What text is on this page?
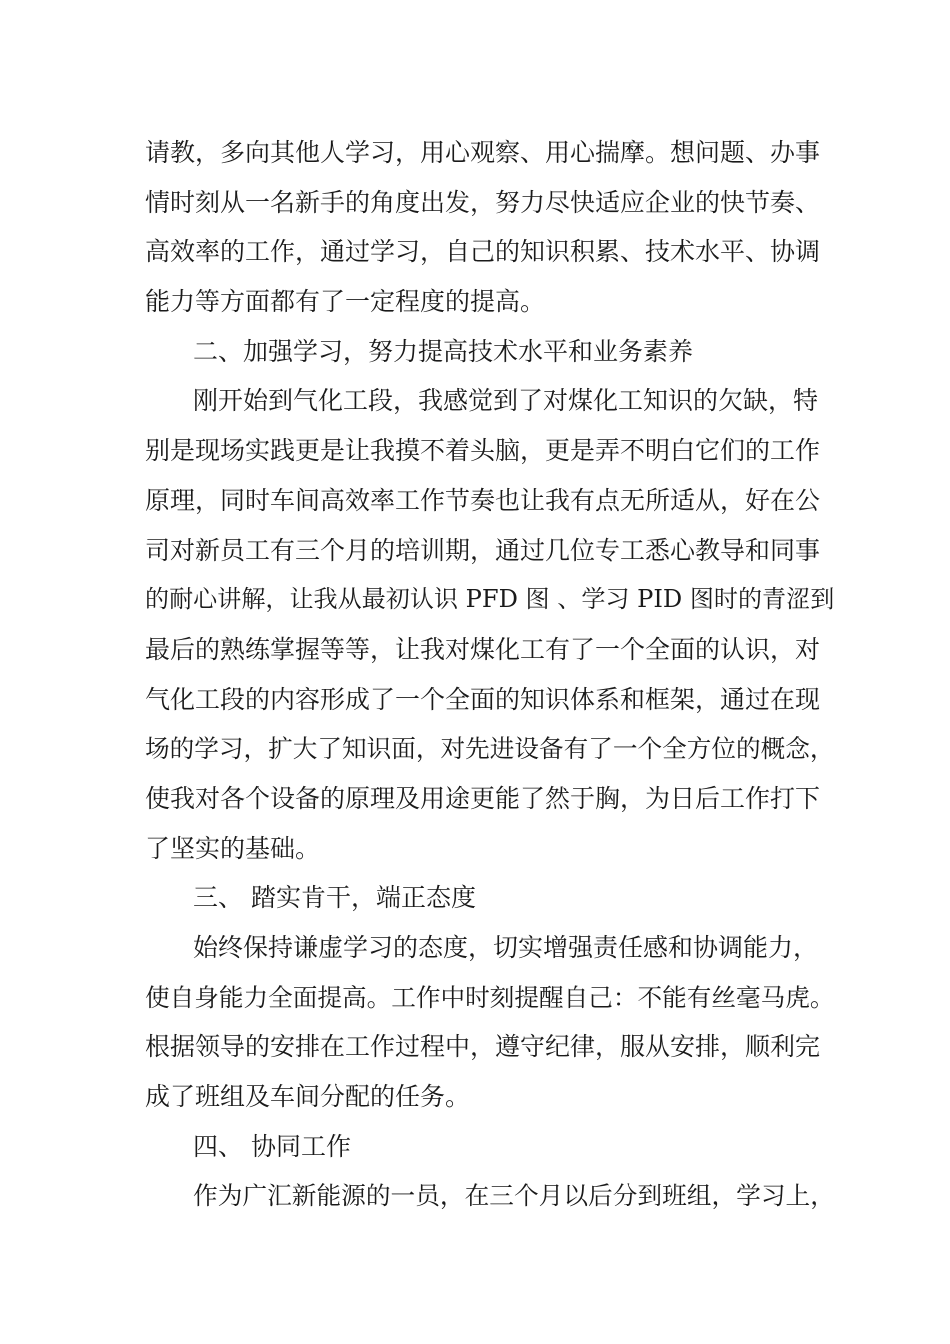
请教，多向其他人学习，用心观察、用心揣摩。想问题、办事
情时刻从一名新手的角度出发，努力尽快适应企业的快节奏、
高效率的工作，通过学习，自己的知识积累、技术水平、协调
能力等方面都有了一定程度的提高。
二、加强学习，努力提高技术水平和业务素养
刚开始到气化工段，我感觉到了对煤化工知识的欠缺，特
别是现场实践更是让我摸不着头脑，更是弄不明白它们的工作
原理，同时车间高效率工作节奏也让我有点无所适从，好在公
司对新员工有三个月的培训期，通过几位专工悉心教导和同事
的耐心讲解，让我从最初认识 PFD 图 、学习 PID 图时的青涩到
最后的熟练掌握等等，让我对煤化工有了一个全面的认识，对
气化工段的内容形成了一个全面的知识体系和框架，通过在现
场的学习，扩大了知识面，对先进设备有了一个全方位的概念，
使我对各个设备的原理及用途更能了然于胸，为日后工作打下
了坚实的基础。
三、 踏实肯干，端正态度
始终保持谦虚学习的态度，切实增强责任感和协调能力，
使自身能力全面提高。工作中时刻提醒自己：不能有丝毫马虎。
根据领导的安排在工作过程中，遵守纪律，服从安排，顺利完
成了班组及车间分配的任务。
四、 协同工作
作为广汇新能源的一员，在三个月以后分到班组，学习上，
